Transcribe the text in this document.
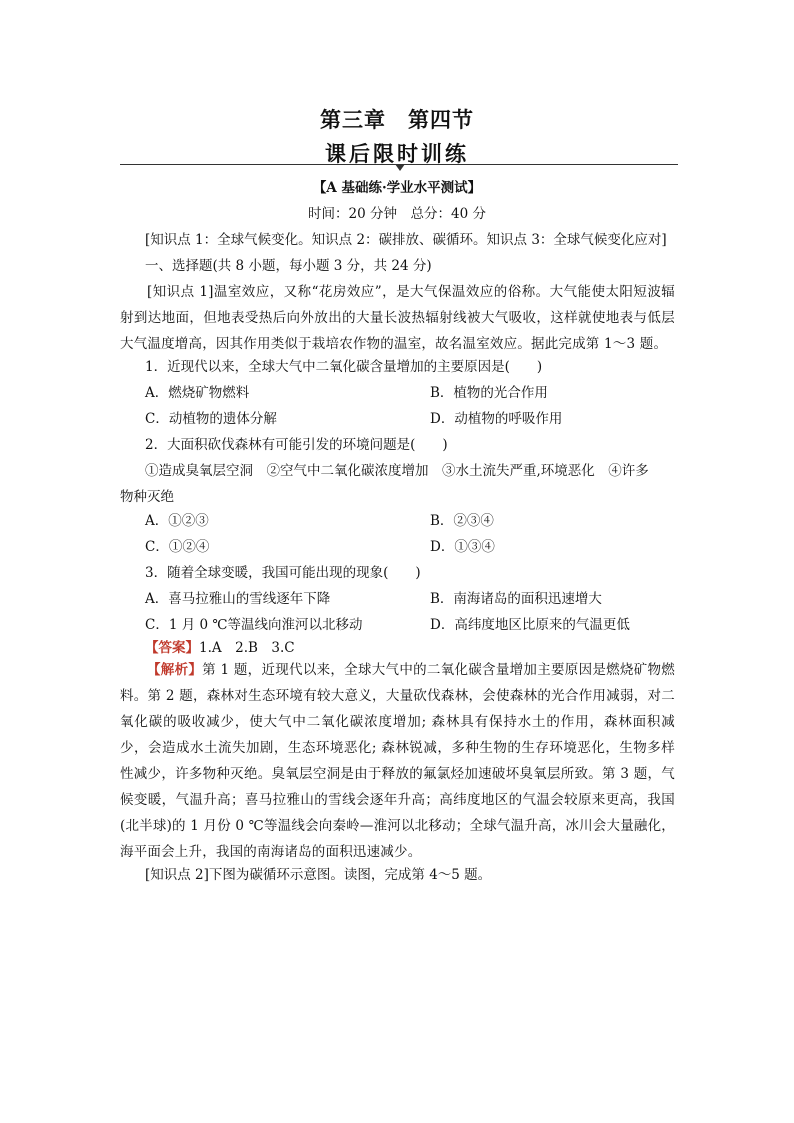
第三章　第四节
课后限时训练
【A 基础练·学业水平测试】
时间：20 分钟　总分：40 分
[知识点 1：全球气候变化。知识点 2：碳排放、碳循环。知识点 3：全球气候变化应对]
一、选择题(共 8 小题，每小题 3 分，共 24 分)
[知识点 1]温室效应，又称“花房效应”，是大气保温效应的俗称。大气能使太阳短波辐射到达地面，但地表受热后向外放出的大量长波热辐射线被大气吸收，这样就使地表与低层大气温度增高，因其作用类似于栽培农作物的温室，故名温室效应。据此完成第 1～3 题。
1．近现代以来，全球大气中二氧化碳含量增加的主要原因是(　　)
A．燃烧矿物燃料	B．植物的光合作用
C．动植物的遗体分解	D．动植物的呼吸作用
2．大面积砍伐森林有可能引发的环境问题是(　　)
①造成臭氧层空洞　②空气中二氧化碳浓度增加　③水土流失严重,环境恶化　④许多
物种灭绝
A．①②③	B．②③④
C．①②④	D．①③④
3．随着全球变暖，我国可能出现的现象(　　)
A．喜马拉雅山的雪线逐年下降	B．南海诸岛的面积迅速增大
C．1 月 0 ℃等温线向淮河以北移动	D．高纬度地区比原来的气温更低
【答案】1.A　2.B　3.C
【解析】第 1 题，近现代以来，全球大气中的二氧化碳含量增加主要原因是燃烧矿物燃料。第 2 题，森林对生态环境有较大意义，大量砍伐森林，会使森林的光合作用减弱，对二氧化碳的吸收减少，使大气中二氧化碳浓度增加; 森林具有保持水土的作用，森林面积减少，会造成水土流失加剧，生态环境恶化; 森林锐减，多种生物的生存环境恶化，生物多样性减少，许多物种灭绝。臭氧层空洞是由于释放的氟氯烃加速破坏臭氧层所致。第 3 题，气候变暖，气温升高；喜马拉雅山的雪线会逐年升高；高纬度地区的气温会较原来更高，我国(北半球)的 1 月份 0 ℃等温线会向秦岭—淮河以北移动；全球气温升高，冰川会大量融化，海平面会上升，我国的南海诸岛的面积迅速减少。
[知识点 2]下图为碳循环示意图。读图，完成第 4～5 题。
